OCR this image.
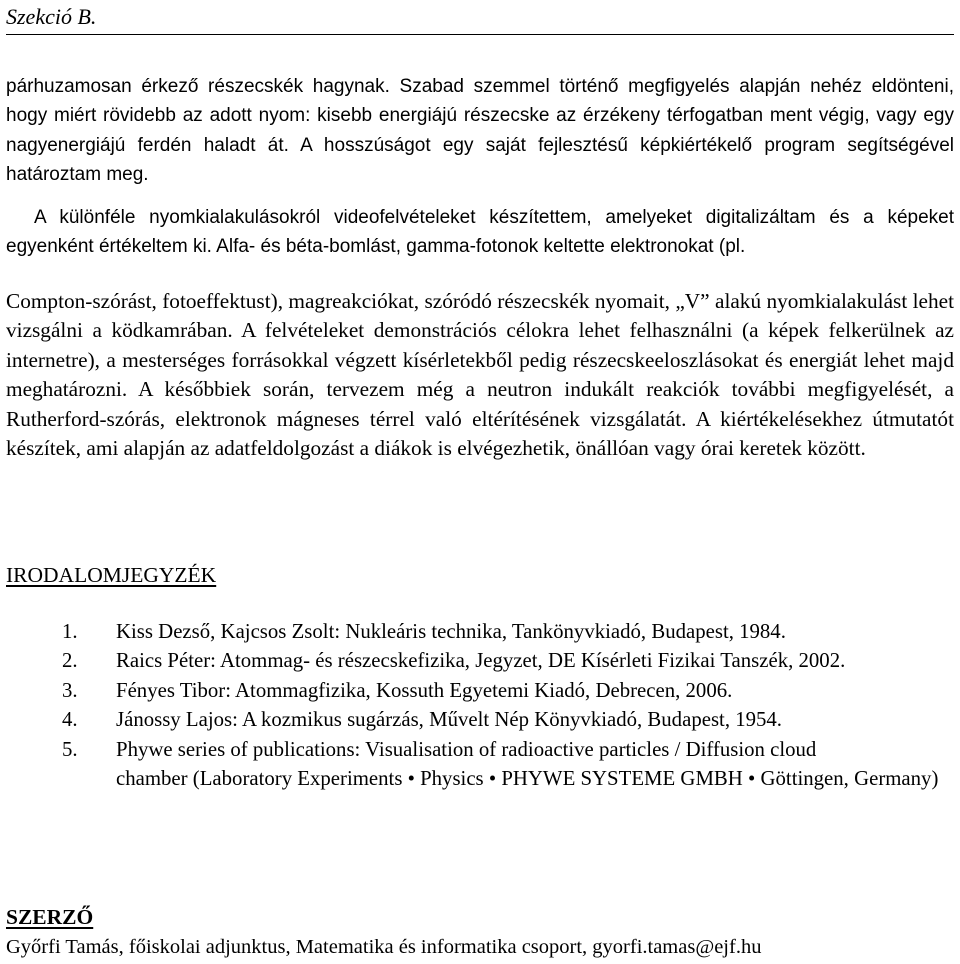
Szekció B.

párhuzamosan érkező részecskék hagynak. Szabad szemmel történő megfigyelés alapján nehéz eldönteni, hogy miért rövidebb az adott nyom: kisebb energiájú részecske az érzékeny térfogatban ment végig, vagy egy nagyenergiájú ferdén haladt át. A hosszúságot egy saját fejlesztésű képkiértékelő program segítségével határoztam meg.

A különféle nyomkialakulásokról videofelvételeket készítettem, amelyeket digitalizáltam és a képeket egyenként értékeltem ki. Alfa- és béta-bomlást, gamma-fotonok keltette elektronokat (pl.

Compton-szórást, fotoeffektust), magreakciókat, szóródó részecskék nyomait, „V” alakú nyomkialakulást lehet vizsgálni a ködkamrában. A felvételeket demonstrációs célokra lehet felhasználni (a képek felkerülnek az internetre), a mesterséges forrásokkal végzett kísérletekből pedig részecskeeloszlásokat és energiát lehet majd meghatározni. A későbbiek során, tervezem még a neutron indukált reakciók további megfigyelését, a Rutherford-szórás, elektronok mágneses térrel való eltérítésének vizsgálatát. A kiértékelésekhez útmutatót készítek, ami alapján az adatfeldolgozást a diákok is elvégezhetik, önállóan vagy órai keretek között.

IRODALOMJEGYZÉK
1. Kiss Dezső, Kajcsos Zsolt: Nukleáris technika, Tankönyvkiadó, Budapest, 1984.
2. Raics Péter: Atommag- és részecskefizika, Jegyzet, DE Kísérleti Fizikai Tanszék, 2002.
3. Fényes Tibor: Atommagfizika, Kossuth Egyetemi Kiadó, Debrecen, 2006.
4. Jánossy Lajos: A kozmikus sugárzás, Művelt Nép Könyvkiadó, Budapest, 1954.
5. Phywe series of publications: Visualisation of radioactive particles / Diffusion cloud
chamber (Laboratory Experiments • Physics • PHYWE SYSTEME GMBH • Göttingen, Germany)
SZERZŐ
Győrfi Tamás, főiskolai adjunktus, Matematika és informatika csoport, gyorfi.tamas@ejf.hu
